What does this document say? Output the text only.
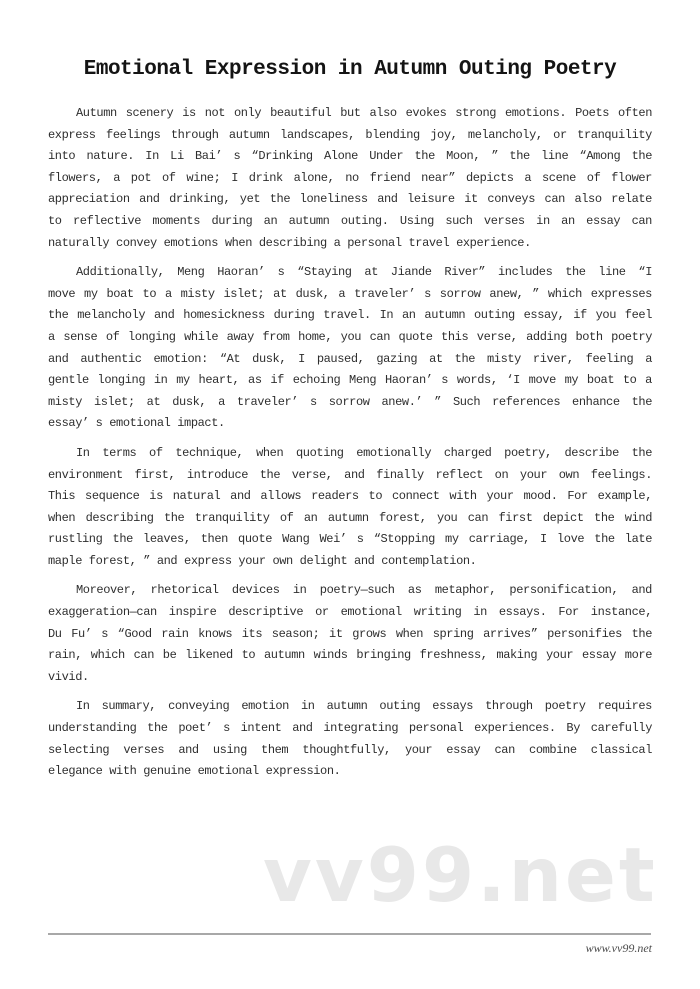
Emotional Expression in Autumn Outing Poetry
Autumn scenery is not only beautiful but also evokes strong emotions. Poets often
express feelings through autumn landscapes, blending joy, melancholy, or tranquility
into nature. In Li Bai’ s “Drinking Alone Under the Moon, ” the line “Among the
flowers, a pot of wine; I drink alone, no friend near” depicts a scene of flower
appreciation and drinking, yet the loneliness and leisure it conveys can also relate
to reflective moments during an autumn outing. Using such verses in an essay can
naturally convey emotions when describing a personal travel experience.
Additionally, Meng Haoran’ s “Staying at Jiande River” includes the line “I
move my boat to a misty islet; at dusk, a traveler’ s sorrow anew, ” which expresses
the melancholy and homesickness during travel. In an autumn outing essay, if you feel
a sense of longing while away from home, you can quote this verse, adding both poetry
and authentic emotion: “At dusk, I paused, gazing at the misty river, feeling a
gentle longing in my heart, as if echoing Meng Haoran’ s words, ‘I move my boat to a
misty islet; at dusk, a traveler’ s sorrow anew.’ ” Such references enhance the
essay’ s emotional impact.
In terms of technique, when quoting emotionally charged poetry, describe the
environment first, introduce the verse, and finally reflect on your own feelings.
This sequence is natural and allows readers to connect with your mood. For example,
when describing the tranquility of an autumn forest, you can first depict the wind
rustling the leaves, then quote Wang Wei’ s “Stopping my carriage, I love the late
maple forest, ” and express your own delight and contemplation.
Moreover, rhetorical devices in poetry—such as metaphor, personification, and
exaggeration—can inspire descriptive or emotional writing in essays. For instance,
Du Fu’ s “Good rain knows its season; it grows when spring arrives” personifies the
rain, which can be likened to autumn winds bringing freshness, making your essay more
vivid.
In summary, conveying emotion in autumn outing essays through poetry requires
understanding the poet’ s intent and integrating personal experiences. By carefully
selecting verses and using them thoughtfully, your essay can combine classical
elegance with genuine emotional expression.
vv99.net
www.vv99.net
